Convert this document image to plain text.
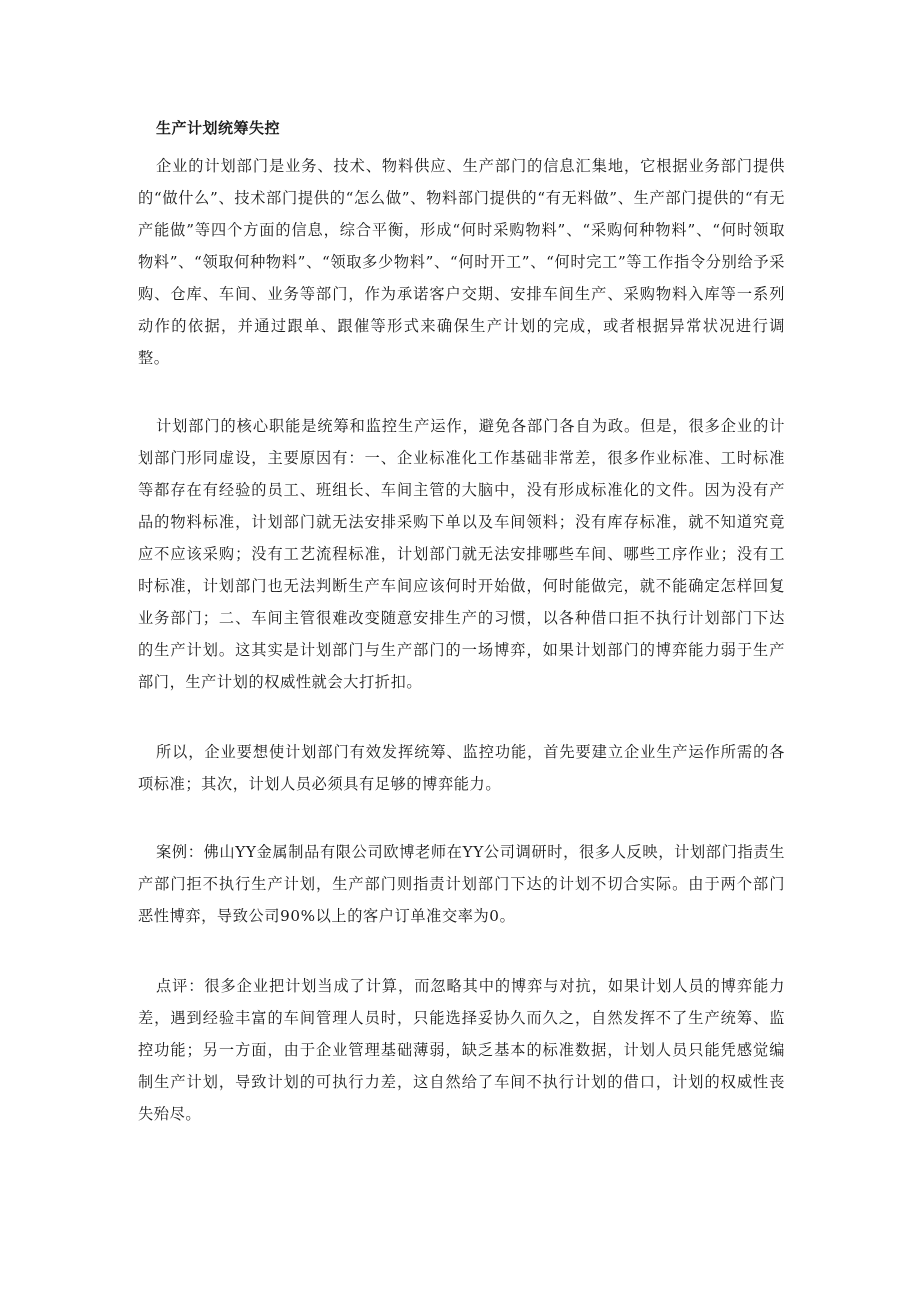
生产计划统筹失控

企业的计划部门是业务、技术、物料供应、生产部门的信息汇集地，它根据业务部门提供的“做什么”、技术部门提供的“怎么做”、物料部门提供的“有无料做”、生产部门提供的“有无产能做”等四个方面的信息，综合平衡，形成“何时采购物料”、“采购何种物料”、“何时领取物料”、“领取何种物料”、“领取多少物料”、“何时开工”、“何时完工”等工作指令分别给予采购、仓库、车间、业务等部门，作为承诺客户交期、安排车间生产、采购物料入库等一系列动作的依据，并通过跟单、跟催等形式来确保生产计划的完成，或者根据异常状况进行调整。

计划部门的核心职能是统筹和监控生产运作，避免各部门各自为政。但是，很多企业的计划部门形同虚设，主要原因有：一、企业标准化工作基础非常差，很多作业标准、工时标准等都存在有经验的员工、班组长、车间主管的大脑中，没有形成标准化的文件。因为没有产品的物料标准，计划部门就无法安排采购下单以及车间领料；没有库存标准，就不知道究竟应不应该采购；没有工艺流程标准，计划部门就无法安排哪些车间、哪些工序作业；没有工时标准，计划部门也无法判断生产车间应该何时开始做，何时能做完，就不能确定怎样回复业务部门；二、车间主管很难改变随意安排生产的习惯，以各种借口拒不执行计划部门下达的生产计划。这其实是计划部门与生产部门的一场博弈，如果计划部门的博弈能力弱于生产部门，生产计划的权威性就会大打折扣。

所以，企业要想使计划部门有效发挥统筹、监控功能，首先要建立企业生产运作所需的各项标准；其次，计划人员必须具有足够的博弈能力。

案例：佛山YY金属制品有限公司欧博老师在YY公司调研时，很多人反映，计划部门指责生产部门拒不执行生产计划，生产部门则指责计划部门下达的计划不切合实际。由于两个部门恶性博弈，导致公司90%以上的客户订单准交率为0。

点评：很多企业把计划当成了计算，而忽略其中的博弈与对抗，如果计划人员的博弈能力差，遇到经验丰富的车间管理人员时，只能选择妥协久而久之，自然发挥不了生产统筹、监控功能；另一方面，由于企业管理基础薄弱，缺乏基本的标准数据，计划人员只能凭感觉编制生产计划，导致计划的可执行力差，这自然给了车间不执行计划的借口，计划的权威性丧失殆尽。
